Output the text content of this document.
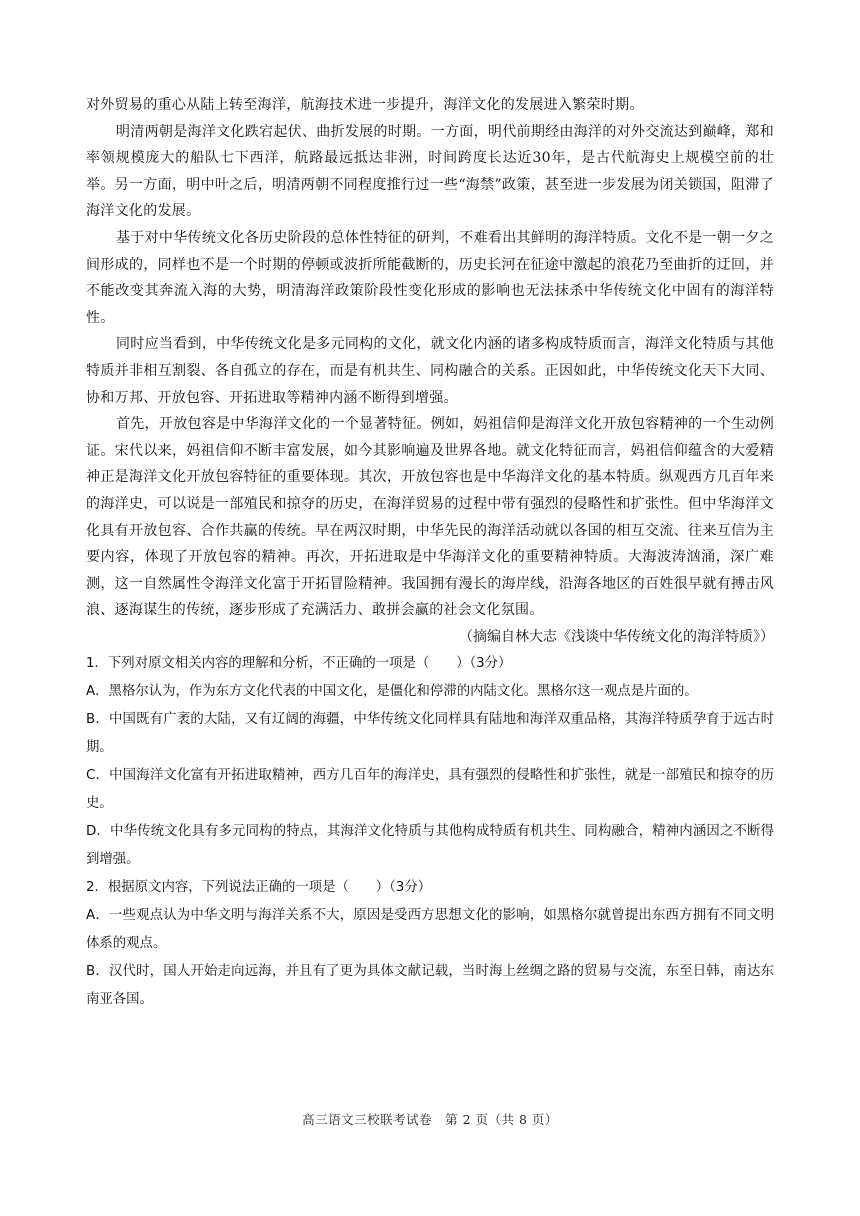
对外贸易的重心从陆上转至海洋，航海技术进一步提升，海洋文化的发展进入繁荣时期。

明清两朝是海洋文化跌宕起伏、曲折发展的时期。一方面，明代前期经由海洋的对外交流达到巅峰，郑和率领规模庞大的船队七下西洋，航路最远抵达非洲，时间跨度长达近30年，是古代航海史上规模空前的壮举。另一方面，明中叶之后，明清两朝不同程度推行过一些“海禁”政策，甚至进一步发展为闭关锁国，阻滞了海洋文化的发展。

基于对中华传统文化各历史阶段的总体性特征的研判，不难看出其鲜明的海洋特质。文化不是一朝一夕之间形成的，同样也不是一个时期的停顿或波折所能截断的，历史长河在征途中激起的浪花乃至曲折的迂回，并不能改变其奔流入海的大势，明清海洋政策阶段性变化形成的影响也无法抹杀中华传统文化中固有的海洋特性。

同时应当看到，中华传统文化是多元同构的文化，就文化内涵的诸多构成特质而言，海洋文化特质与其他特质并非相互割裂、各自孤立的存在，而是有机共生、同构融合的关系。正因如此，中华传统文化天下大同、协和万邦、开放包容、开拓进取等精神内涵不断得到增强。

首先，开放包容是中华海洋文化的一个显著特征。例如，妈祖信仰是海洋文化开放包容精神的一个生动例证。宋代以来，妈祖信仰不断丰富发展，如今其影响遍及世界各地。就文化特征而言，妈祖信仰蕴含的大爱精神正是海洋文化开放包容特征的重要体现。其次，开放包容也是中华海洋文化的基本特质。纵观西方几百年来的海洋史，可以说是一部殖民和掠夺的历史，在海洋贸易的过程中带有强烈的侵略性和扩张性。但中华海洋文化具有开放包容、合作共赢的传统。早在两汉时期，中华先民的海洋活动就以各国的相互交流、往来互信为主要内容，体现了开放包容的精神。再次，开拓进取是中华海洋文化的重要精神特质。大海波涛汹涌，深广难测，这一自然属性令海洋文化富于开拓冒险精神。我国拥有漫长的海岸线，沿海各地区的百姓很早就有搏击风浪、逐海谋生的传统，逐步形成了充满活力、敢拼会赢的社会文化氛围。

（摘编自林大志《浅谈中华传统文化的海洋特质》）

1．下列对原文相关内容的理解和分析，不正确的一项是（　　）（3分）

A．黑格尔认为，作为东方文化代表的中国文化，是僵化和停滞的内陆文化。黑格尔这一观点是片面的。

B．中国既有广袤的大陆，又有辽阔的海疆，中华传统文化同样具有陆地和海洋双重品格，其海洋特质孕育于远古时期。

C．中国海洋文化富有开拓进取精神，西方几百年的海洋史，具有强烈的侵略性和扩张性，就是一部殖民和掠夺的历史。

D．中华传统文化具有多元同构的特点，其海洋文化特质与其他构成特质有机共生、同构融合，精神内涵因之不断得到增强。

2．根据原文内容，下列说法正确的一项是（　　）（3分）

A．一些观点认为中华文明与海洋关系不大，原因是受西方思想文化的影响，如黑格尔就曾提出东西方拥有不同文明体系的观点。

B．汉代时，国人开始走向远海，并且有了更为具体文献记载，当时海上丝绸之路的贸易与交流，东至日韩，南达东南亚各国。

高三语文三校联考试卷　第 2 页（共 8 页）
